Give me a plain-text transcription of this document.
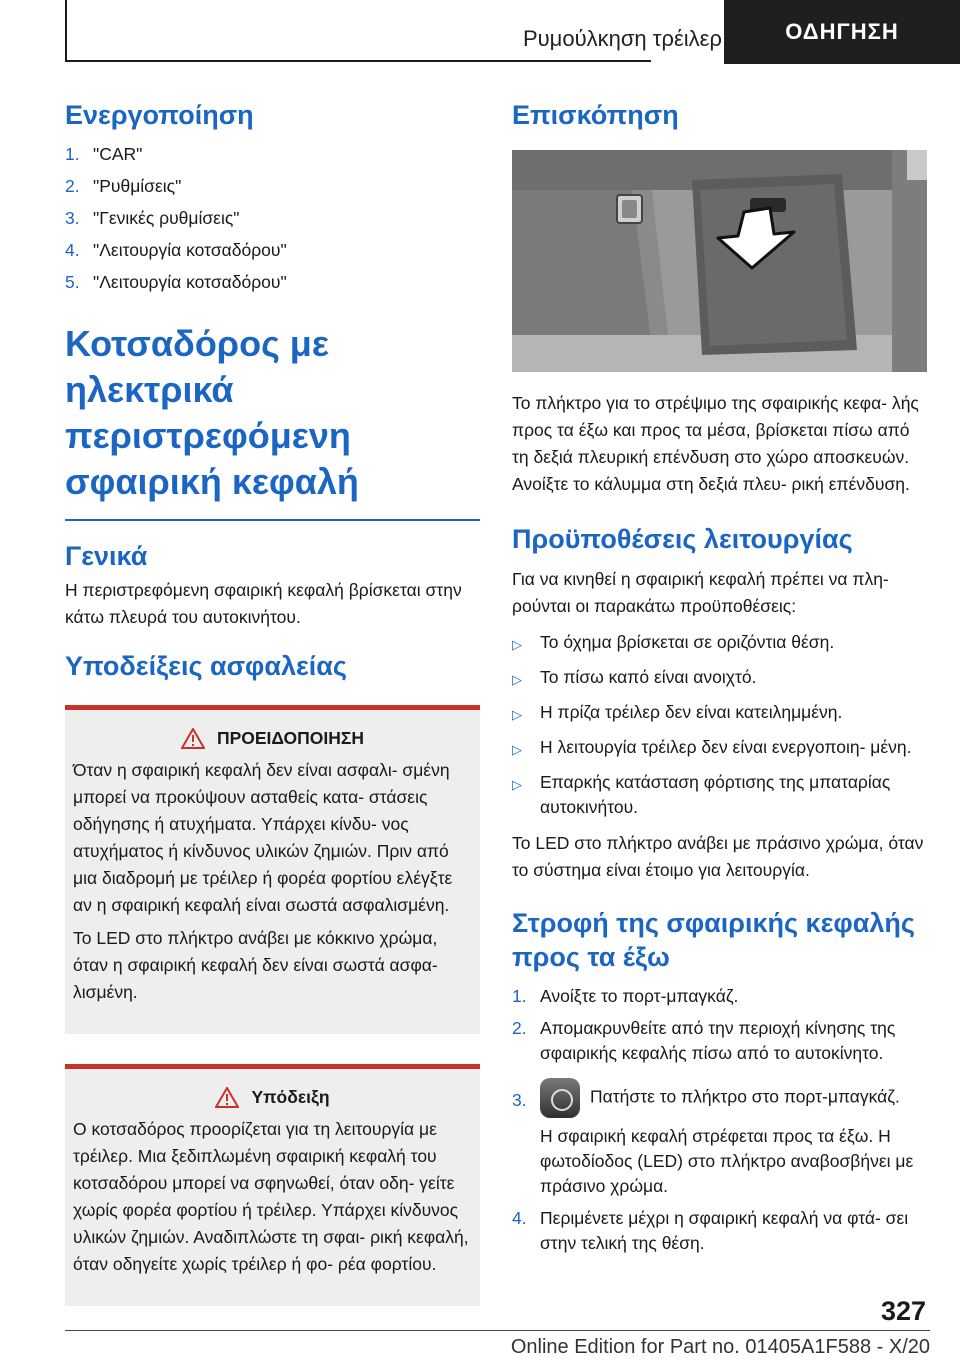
Ρυμούλκηση τρέιλερ	ΟΔΗΓΗΣΗ
Ενεργοποίηση
1. "CAR"
2. "Ρυθμίσεις"
3. "Γενικές ρυθμίσεις"
4. "Λειτουργία κοτσαδόρου"
5. "Λειτουργία κοτσαδόρου"
Κοτσαδόρος με ηλεκτρικά περιστρεφόμενη σφαιρική κεφαλή
Γενικά

Η περιστρεφόμενη σφαιρική κεφαλή βρίσκεται στην κάτω πλευρά του αυτοκινήτου.

Υποδείξεις ασφαλείας
ΠΡΟΕΙΔΟΠΟΙΗΣΗ

Όταν η σφαιρική κεφαλή δεν είναι ασφαλι- σμένη μπορεί να προκύψουν ασταθείς κατα- στάσεις οδήγησης ή ατυχήματα. Υπάρχει κίνδυ- νος ατυχήματος ή κίνδυνος υλικών ζημιών. Πριν από μια διαδρομή με τρέιλερ ή φορέα φορτίου ελέγξτε αν η σφαιρική κεφαλή είναι σωστά ασφαλισμένη.

Το LED στο πλήκτρο ανάβει με κόκκινο χρώμα, όταν η σφαιρική κεφαλή δεν είναι σωστά ασφα- λισμένη.

Υπόδειξη

Ο κοτσαδόρος προορίζεται για τη λειτουργία με τρέιλερ. Μια ξεδιπλωμένη σφαιρική κεφαλή του κοτσαδόρου μπορεί να σφηνωθεί, όταν οδη- γείτε χωρίς φορέα φορτίου ή τρέιλερ. Υπάρχει κίνδυνος υλικών ζημιών. Αναδιπλώστε τη σφαι- ρική κεφαλή, όταν οδηγείτε χωρίς τρέιλερ ή φο- ρέα φορτίου.

Επισκόπηση

Το πλήκτρο για το στρέψιμο της σφαιρικής κεφα- λής προς τα έξω και προς τα μέσα, βρίσκεται πίσω από τη δεξιά πλευρική επένδυση στο χώρο αποσκευών. Ανοίξτε το κάλυμμα στη δεξιά πλευ- ρική επένδυση.

Προϋποθέσεις λειτουργίας

Για να κινηθεί η σφαιρική κεφαλή πρέπει να πλη- ρούνται οι παρακάτω προϋποθέσεις:

▷ Το όχημα βρίσκεται σε οριζόντια θέση.
▷ Το πίσω καπό είναι ανοιχτό.
▷ Η πρίζα τρέιλερ δεν είναι κατειλημμένη.
▷ Η λειτουργία τρέιλερ δεν είναι ενεργοποιη- μένη.
▷ Επαρκής κατάσταση φόρτισης της μπαταρίας αυτοκινήτου.

Το LED στο πλήκτρο ανάβει με πράσινο χρώμα, όταν το σύστημα είναι έτοιμο για λειτουργία.

Στροφή της σφαιρικής κεφαλής προς τα έξω
1. Ανοίξτε το πορτ-μπαγκάζ.
2. Απομακρυνθείτε από την περιοχή κίνησης της σφαιρικής κεφαλής πίσω από το αυτοκίνητο.
3.	Πατήστε το πλήκτρο στο πορτ-μπαγκάζ.
Η σφαιρική κεφαλή στρέφεται προς τα έξω. Η φωτοδίοδος (LED) στο πλήκτρο αναβοσβήνει με πράσινο χρώμα.
4. Περιμένετε μέχρι η σφαιρική κεφαλή να φτά- σει στην τελική της θέση.
327
Online Edition for Part no. 01405A1F588 - X/20
